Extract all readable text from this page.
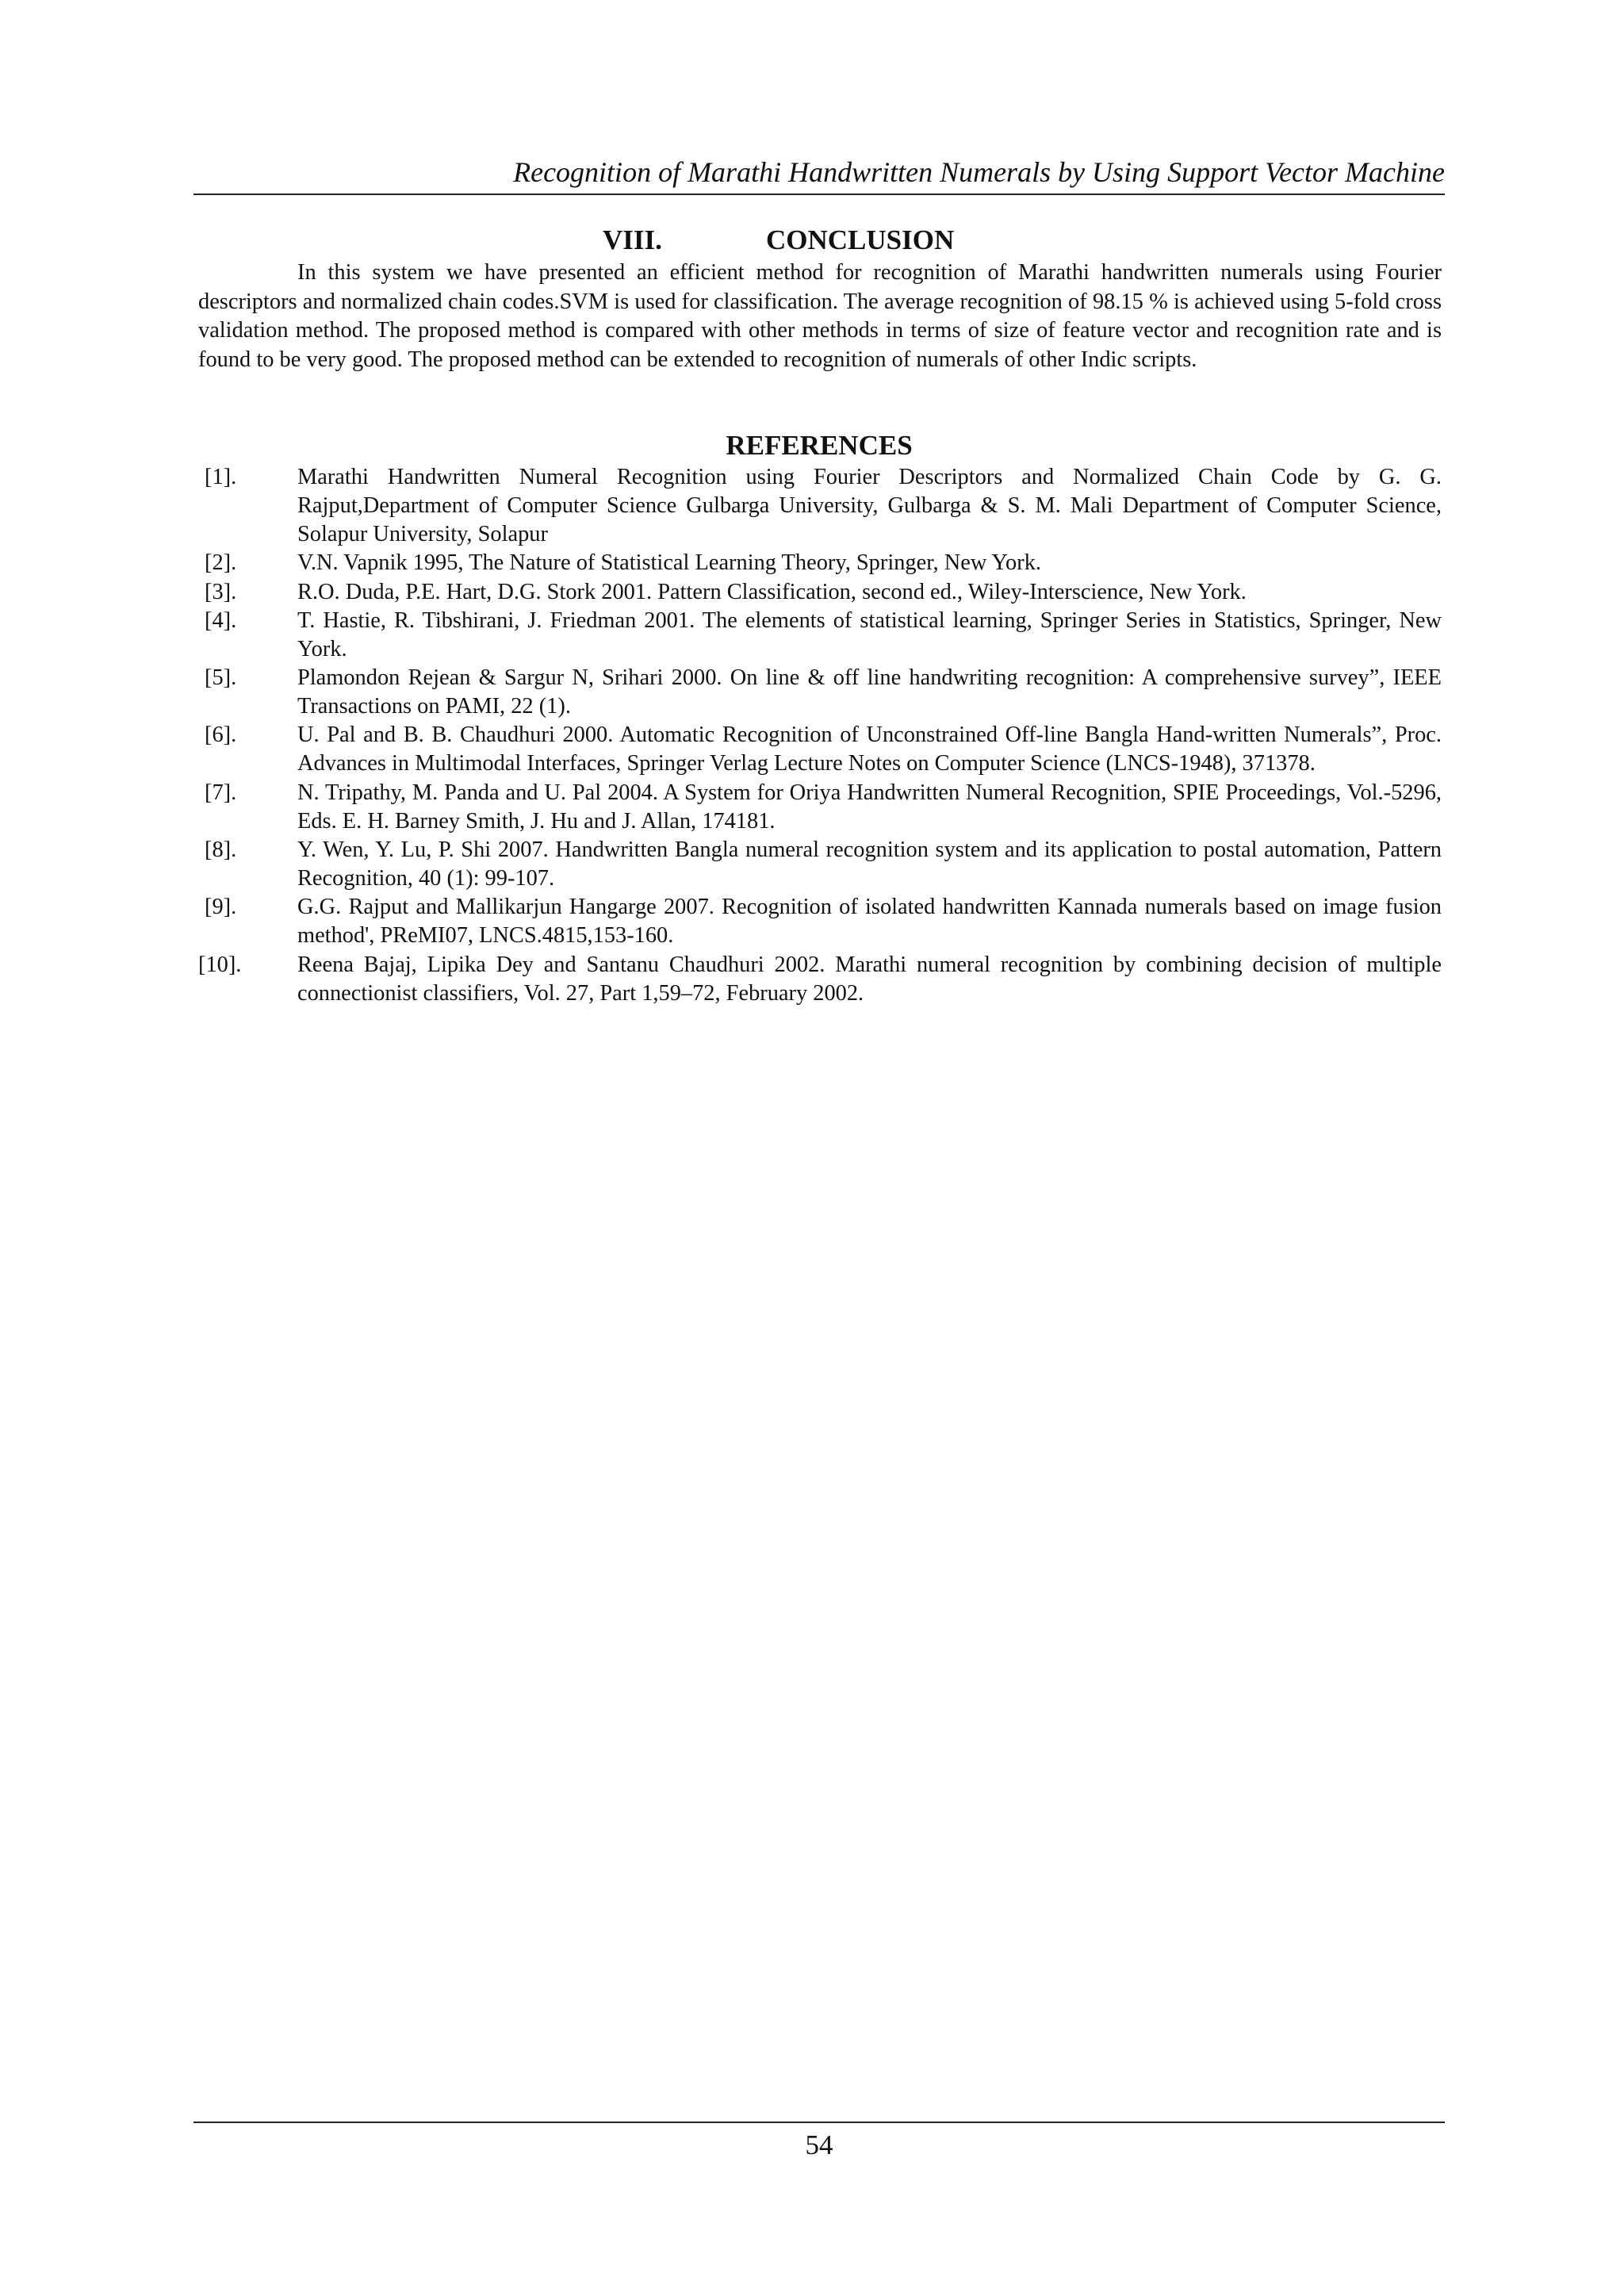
Recognition of Marathi Handwritten Numerals by Using Support Vector Machine
VIII.	CONCLUSION

In this system we have presented an efficient method for recognition of Marathi handwritten numerals using Fourier descriptors and normalized chain codes.SVM is used for classification. The average recognition of 98.15 % is achieved using 5-fold cross validation method. The proposed method is compared with other methods in terms of size of feature vector and recognition rate and is found to be very good. The proposed method can be extended to recognition of numerals of other Indic scripts.

REFERENCES
[1].	Marathi Handwritten Numeral Recognition using Fourier Descriptors and Normalized Chain Code by G. G. Rajput,Department of Computer Science Gulbarga University, Gulbarga & S. M. Mali Department of Computer Science, Solapur University, Solapur
[2].	V.N. Vapnik 1995, The Nature of Statistical Learning Theory, Springer, New York.
[3].	R.O. Duda, P.E. Hart, D.G. Stork 2001. Pattern Classification, second ed., Wiley-Interscience, New York.
[4].	T. Hastie, R. Tibshirani, J. Friedman 2001. The elements of statistical learning, Springer Series in Statistics, Springer, New York.
[5].	Plamondon Rejean & Sargur N, Srihari 2000. On line & off line handwriting recognition: A comprehensive survey”, IEEE Transactions on PAMI, 22 (1).
[6].	U. Pal and B. B. Chaudhuri 2000. Automatic Recognition of Unconstrained Off-line Bangla Hand-written Numerals”, Proc. Advances in Multimodal Interfaces, Springer Verlag Lecture Notes on Computer Science (LNCS-1948), 371378.
[7].	N. Tripathy, M. Panda and U. Pal 2004. A System for Oriya Handwritten Numeral Recognition, SPIE Proceedings, Vol.-5296, Eds. E. H. Barney Smith, J. Hu and J. Allan, 174181.
[8].	Y. Wen, Y. Lu, P. Shi 2007. Handwritten Bangla numeral recognition system and its application to postal automation, Pattern Recognition, 40 (1): 99-107.
[9].	G.G. Rajput and Mallikarjun Hangarge 2007. Recognition of isolated handwritten Kannada numerals based on image fusion method', PReMI07, LNCS.4815,153-160.
[10]. Reena Bajaj, Lipika Dey and Santanu Chaudhuri 2002. Marathi numeral recognition by combining decision of multiple connectionist classifiers, Vol. 27, Part 1,59–72, February 2002.
54
